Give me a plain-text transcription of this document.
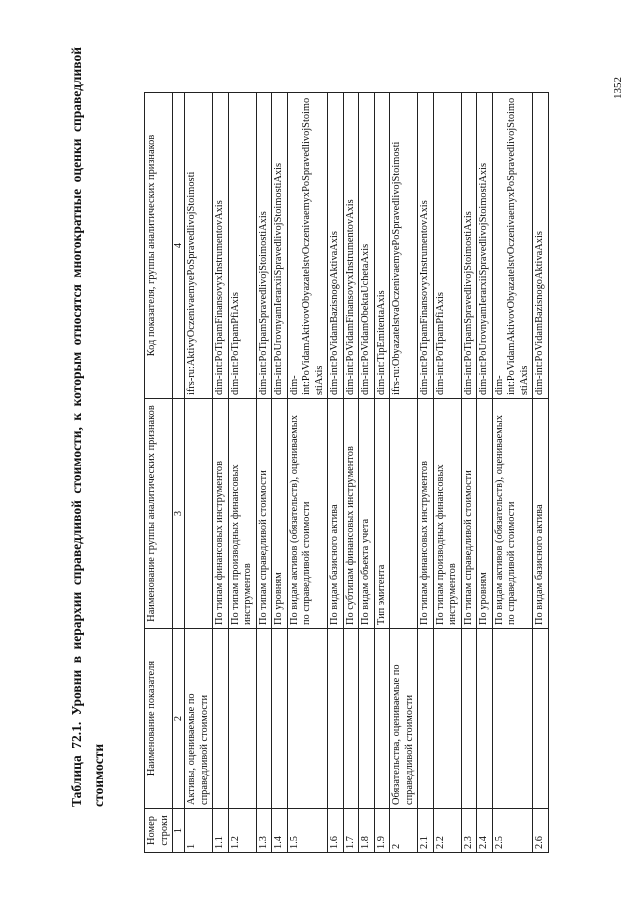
Таблица 72.1. Уровни в иерархии справедливой стоимости, к которым относятся многократные оценки справедливой стоимости
Номер строки	Наименование показателя	Наименование группы аналитических признаков	Код показателя, группы аналитических признаков
1	2	3	4
1	Активы, оцениваемые по справедливой стоимости		ifrs-ru:AktivyOczenivaemyePoSpravedlivojStoimosti
1.1		По типам финансовых инструментов	dim-int:PoTipamFinansovyxInstrumentovAxis
1.2		По типам производных финансовых инструментов	dim-int:PoTipamPfiAxis
1.3		По типам справедливой стоимости	dim-int:PoTipamSpravedlivojStoimostiAxis
1.4		По уровням	dim-int:PoUrovnyamIerarxiiSpravedlivojStoimostiAxis
1.5		По видам активов (обязательств), оцениваемых по справедливой стоимости	dim-int:PoVidamAktivovObyazatelstvOczenivaemyxPoSpravedlivojStoimostiAxis
1.6		По видам базисного актива	dim-int:PoVidamBazisnogoAktivaAxis
1.7		По субтипам финансовых инструментов	dim-int:PoVidamFinansovyxInstrumentovAxis
1.8		По видам объекта учета	dim-int:PoVidamObektaUchetaAxis
1.9		Тип эмитента	dim-int:TipEmitentaAxis
2	Обязательства, оцениваемые по справедливой стоимости		ifrs-ru:ObyazatelstvaOczenivaemyePoSpravedlivojStoimosti
2.1		По типам финансовых инструментов	dim-int:PoTipamFinansovyxInstrumentovAxis
2.2		По типам производных финансовых инструментов	dim-int:PoTipamPfiAxis
2.3		По типам справедливой стоимости	dim-int:PoTipamSpravedlivojStoimostiAxis
2.4		По уровням	dim-int:PoUrovnyamIerarxiiSpravedlivojStoimostiAxis
2.5		По видам активов (обязательств), оцениваемых по справедливой стоимости	dim-int:PoVidamAktivovObyazatelstvOczenivaemyxPoSpravedlivojStoimostiAxis
2.6		По видам базисного актива	dim-int:PoVidamBazisnogoAktivaAxis
1352
